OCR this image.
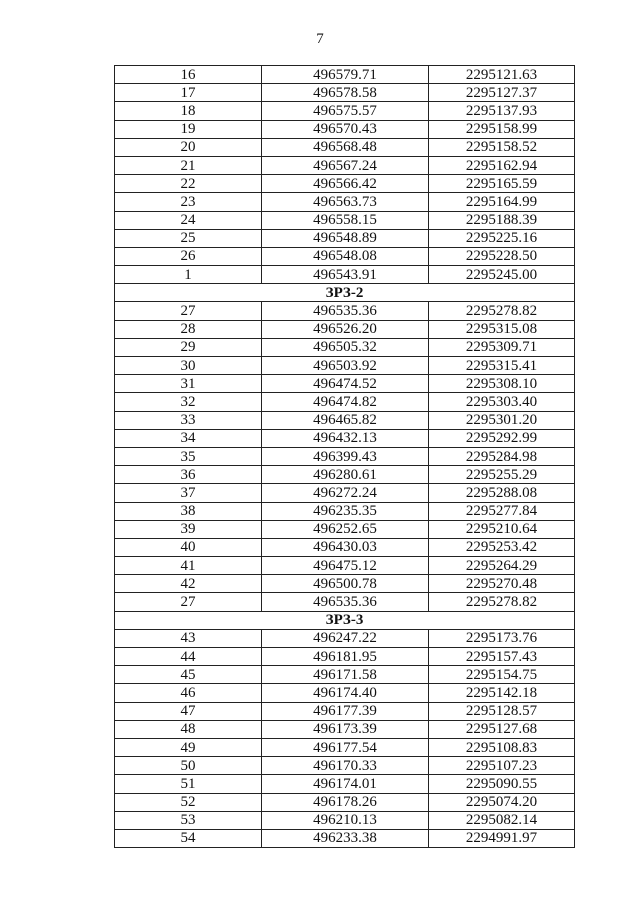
7
16	496579.71	2295121.63
17	496578.58	2295127.37
18	496575.57	2295137.93
19	496570.43	2295158.99
20	496568.48	2295158.52
21	496567.24	2295162.94
22	496566.42	2295165.59
23	496563.73	2295164.99
24	496558.15	2295188.39
25	496548.89	2295225.16
26	496548.08	2295228.50
1	496543.91	2295245.00
ЗРЗ-2		
27	496535.36	2295278.82
28	496526.20	2295315.08
29	496505.32	2295309.71
30	496503.92	2295315.41
31	496474.52	2295308.10
32	496474.82	2295303.40
33	496465.82	2295301.20
34	496432.13	2295292.99
35	496399.43	2295284.98
36	496280.61	2295255.29
37	496272.24	2295288.08
38	496235.35	2295277.84
39	496252.65	2295210.64
40	496430.03	2295253.42
41	496475.12	2295264.29
42	496500.78	2295270.48
27	496535.36	2295278.82
ЗРЗ-3		
43	496247.22	2295173.76
44	496181.95	2295157.43
45	496171.58	2295154.75
46	496174.40	2295142.18
47	496177.39	2295128.57
48	496173.39	2295127.68
49	496177.54	2295108.83
50	496170.33	2295107.23
51	496174.01	2295090.55
52	496178.26	2295074.20
53	496210.13	2295082.14
54	496233.38	2294991.97
